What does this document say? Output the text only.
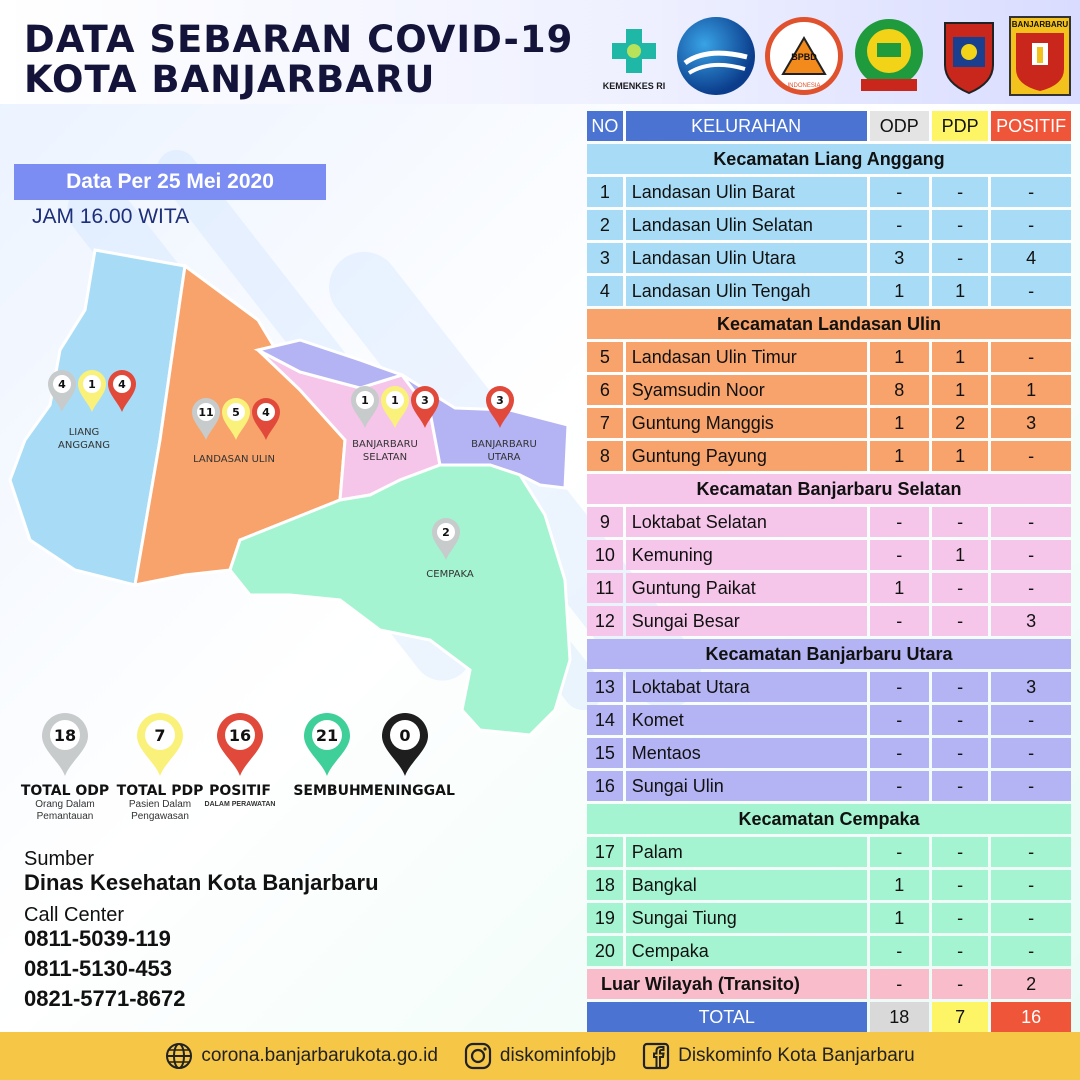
DATA SEBARAN COVID-19
KOTA BANJARBARU	KEMENKES RI
BPBD
INDONESIA
BANJARBARU
Data Per 25 Mei 2020
JAM 16.00 WITA
4 1 4
11 5 4
1 1 3	3
2
LIANG
ANGGANG
LANDASAN ULIN
BANJARBARU
SELATAN
BANJARBARU
UTARA
CEMPAKA
18
TOTAL ODP
Orang Dalam
Pemantauan
7
TOTAL PDP
Pasien Dalam
Pengawasan
16
POSITIF
DALAM PERAWATAN
21
SEMBUH
0
MENINGGAL
Sumber
Dinas Kesehatan Kota Banjarbaru
Call Center
0811-5039-119
0811-5130-453
0821-5771-8672
NO	KELURAHAN	ODP	PDP	POSITIF
Kecamatan Liang Anggang				
1	Landasan Ulin Barat	-	-	-
2	Landasan Ulin Selatan	-	-	-
3	Landasan Ulin Utara	3	-	4
4	Landasan Ulin Tengah	1	1	-
Kecamatan Landasan Ulin				
5	Landasan Ulin Timur	1	1	-
6	Syamsudin Noor	8	1	1
7	Guntung Manggis	1	2	3
8	Guntung Payung	1	1	-
Kecamatan Banjarbaru Selatan				
9	Loktabat Selatan	-	-	-
10	Kemuning	-	1	-
11	Guntung Paikat	1	-	-
12	Sungai Besar	-	-	3
Kecamatan Banjarbaru Utara				
13	Loktabat Utara	-	-	3
14	Komet	-	-	-
15	Mentaos	-	-	-
16	Sungai Ulin	-	-	-
Kecamatan Cempaka				
17	Palam	-	-	-
18	Bangkal	1	-	-
19	Sungai Tiung	1	-	-
20	Cempaka	-	-	-
Luar Wilayah (Transito)		-	-	2
TOTAL		18	7	16
corona.banjarbarukota.go.id	diskominfobjb	Diskominfo Kota Banjarbaru
